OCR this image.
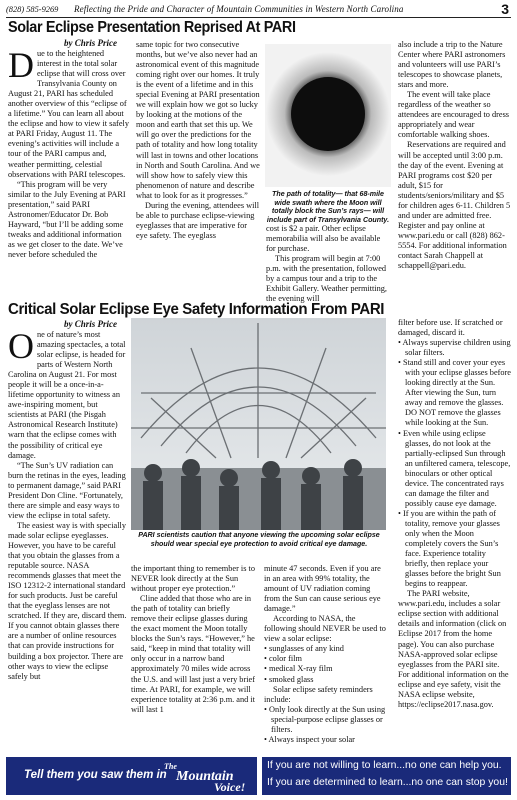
(828) 585-9269 Reflecting the Pride and Character of Mountain Communities in Western North Carolina	3
Solar Eclipse Presentation Reprised At PARI
by Chris Price

Due to the heightened interest in the total solar eclipse that will cross over Transylvania County on August 21, PARI has scheduled another overview of this “eclipse of a lifetime.” You can learn all about the eclipse and how to view it safely at PARI Friday, August 11. The evening’s activities will include a tour of the PARI campus and, weather permitting, celestial observations with PARI telescopes.

“This program will be very similar to the July Evening at PARI presentation,” said PARI Astronomer/Educator Dr. Bob Hayward, “but I’ll be adding some tweaks and additional information as we get closer to the date. We’ve never before scheduled the

same topic for two consecutive months, but we’ve also never had an astronomical event of this magnitude coming right over our homes. It truly is the event of a lifetime and in this special Evening at PARI presentation we will explain how we got so lucky by looking at the motions of the moon and earth that set this up. We will go over the predictions for the path of totality and how long totality will last in towns and other locations in North and South Carolina. And we will show how to safely view this phenomenon of nature and describe what to look for as it progresses.”

During the evening, attendees will be able to purchase eclipse-viewing eyeglasses that are imperative for eye safety. The eyeglass

The path of totality— that 68-mile wide swath where the Moon will totally block the Sun’s rays— will include part of Transylvania County.

cost is $2 a pair. Other eclipse memorabilia will also be available for purchase.

This program will begin at 7:00 p.m. with the presentation, followed by a campus tour and a trip to the Exhibit Gallery. Weather permitting, the evening will

also include a trip to the Nature Center where PARI astronomers and volunteers will use PARI’s telescopes to showcase planets, stars and more.

The event will take place regardless of the weather so attendees are encouraged to dress appropriately and wear comfortable walking shoes.

Reservations are required and will be accepted until 3:00 p.m. the day of the event. Evening at PARI programs cost $20 per adult, $15 for students/seniors/military and $5 for children ages 6-11. Children 5 and under are admitted free. Register and pay online at www.pari.edu or call (828) 862-5554. For additional information contact Sarah Chappell at schappell@pari.edu.

Critical Solar Eclipse Eye Safety Information From PARI
by Chris Price

One of nature’s most amazing spectacles, a total solar eclipse, is headed for parts of Western North Carolina on August 21. For most people it will be a once-in-a-lifetime opportunity to witness an awe-inspiring moment, but scientists at PARI (the Pisgah Astronomical Research Institute) warn that the eclipse comes with the possibility of critical eye damage.

“The Sun’s UV radiation can burn the retinas in the eyes, leading to permanent damage,” said PARI President Don Cline. “Fortunately, there are simple and easy ways to view the eclipse in total safety.

The easiest way is with specially made solar eclipse eyeglasses. However, you have to be careful that you obtain the glasses from a reputable source. NASA recommends glasses that meet the ISO 12312-2 international standard for such products. Just be careful that the eyeglass lenses are not scratched. If they are, discard them. If you cannot obtain glasses there are a number of online resources that can provide instructions for building a box projector. There are other ways to view the eclipse safely but

PARI scientists caution that anyone viewing the upcoming solar eclipse should wear special eye protection to avoid critical eye damage.

the important thing to remember is to NEVER look directly at the Sun without proper eye protection.”

Cline added that those who are in the path of totality can briefly remove their eclipse glasses during the exact moment the Moon totally blocks the Sun’s rays. “However,” he said, “keep in mind that totality will only occur in a narrow band approximately 70 miles wide across the U.S. and will last just a very brief time. At PARI, for example, we will experience totality at 2:36 p.m. and it will last 1

minute 47 seconds. Even if you are in an area with 99% totality, the amount of UV radiation coming from the Sun can cause serious eye damage.”

According to NASA, the following should NEVER be used to view a solar eclipse:

• sunglasses of any kind
• color film
• medical X-ray film
• smoked glass

Solar eclipse safety reminders include:

• Only look directly at the Sun using special-purpose eclipse glasses or filters.
• Always inspect your solar

filter before use. If scratched or damaged, discard it.

• Always supervise children using solar filters.
• Stand still and cover your eyes with your eclipse glasses before looking directly at the Sun. After viewing the Sun, turn away and remove the glasses. DO NOT remove the glasses while looking at the Sun.
• Even while using eclipse glasses, do not look at the partially-eclipsed Sun through an unfiltered camera, telescope, binoculars or other optical device. The concentrated rays can damage the filter and possibly cause eye damage.
• If you are within the path of totality, remove your glasses only when the Moon completely covers the Sun’s face. Experience totality briefly, then replace your glasses before the bright Sun begins to reappear.

The PARI website, www.pari.edu, includes a solar eclipse section with additional details and information (click on Eclipse 2017 from the home page). You can also purchase NASA-approved solar eclipse eyeglasses from the PARI site. For additional information on the eclipse and eye safety, visit the NASA eclipse website, https://eclipse2017.nasa.gov.

Tell them you saw them in
The
Mountain
Voice!
If you are not willing to learn...no one can help you.
If you are determined to learn...no one can stop you!
